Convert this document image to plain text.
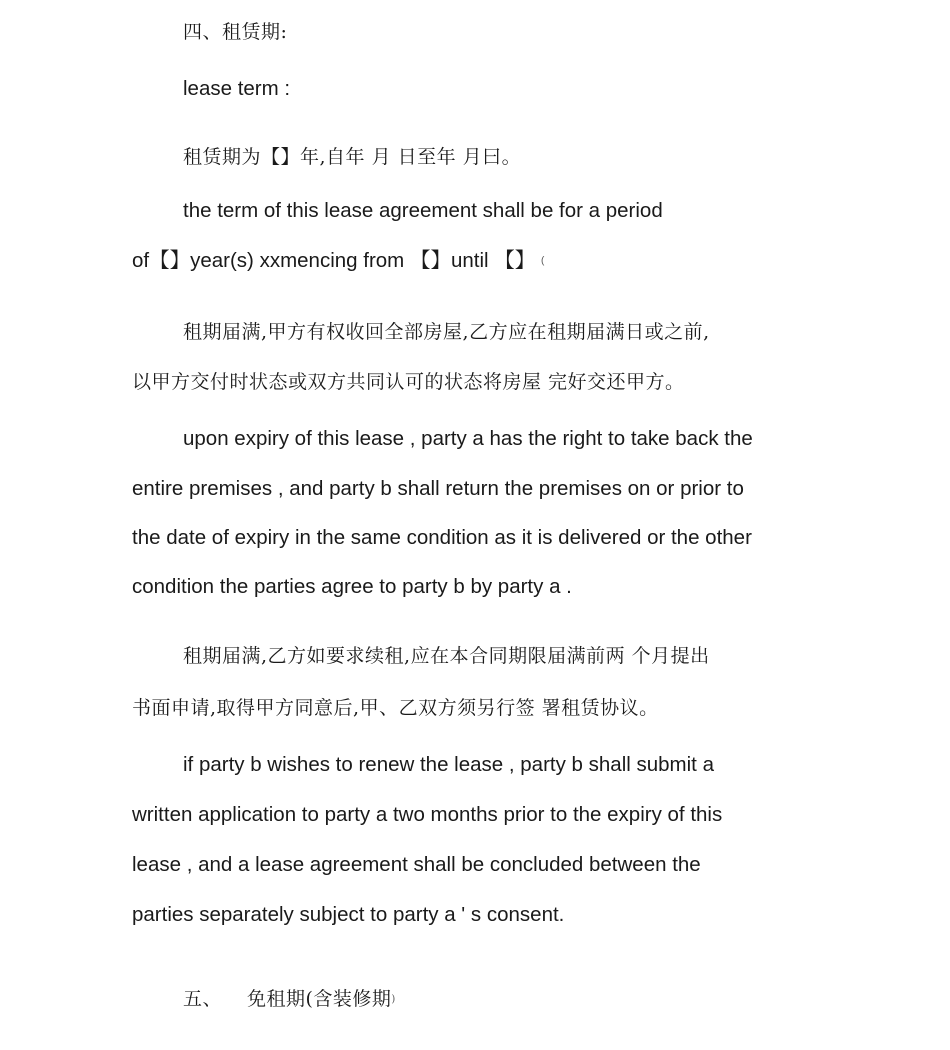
四、租赁期:
lease term :
租赁期为【】年,自年 月 日至年 月曰。
the term of this lease agreement shall be for a period
of【】year(s) xxmencing from 【】until 【】 (
租期届满,甲方有权收回全部房屋,乙方应在租期届满日或之前,
以甲方交付时状态或双方共同认可的状态将房屋 完好交还甲方。
upon expiry of this lease , party a has the right to take back the
entire premises , and party b shall return the premises on or prior to
the date of expiry in the same condition as it is delivered or the other
condition the parties agree to party b by party a .
租期届满,乙方如要求续租,应在本合同期限届满前两 个月提出
书面申请,取得甲方同意后,甲、乙双方须另行签 署租赁协议。
if party b wishes to renew the lease , party b shall submit a
written application to party a two months prior to the expiry of this
lease , and a lease agreement shall be concluded between the
parties separately subject to party a ' s consent.
五、 免租期(含装修期)
